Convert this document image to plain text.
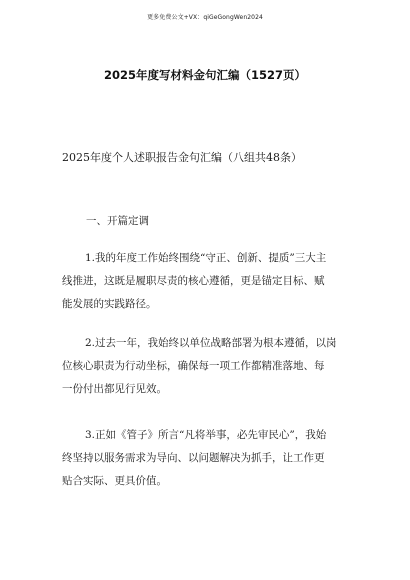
更多免费公文+VX：qiGeGongWen2024
2025年度写材料金句汇编（1527页）
2025年度个人述职报告金句汇编（八组共48条）
一、开篇定调
1.我的年度工作始终围绕“守正、创新、提质”三大主
线推进，这既是履职尽责的核心遵循，更是锚定目标、赋
能发展的实践路径。
2.过去一年，我始终以单位战略部署为根本遵循，以岗
位核心职责为行动坐标，确保每一项工作都精准落地、每
一份付出都见行见效。
3.正如《管子》所言“凡将举事，必先审民心”，我始
终坚持以服务需求为导向、以问题解决为抓手，让工作更
贴合实际、更具价值。
